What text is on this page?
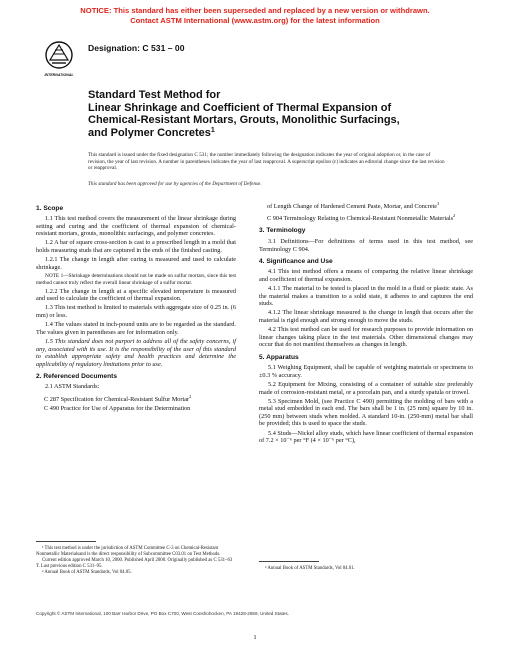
NOTICE: This standard has either been superseded and replaced by a new version or withdrawn.
Contact ASTM International (www.astm.org) for the latest information
INTERNATIONAL
Designation: C 531 – 00
Standard Test Method for
Linear Shrinkage and Coefficient of Thermal Expansion of
Chemical-Resistant Mortars, Grouts, Monolithic Surfacings,
and Polymer Concretes$^1$
This standard is issued under the fixed designation C 531; the number immediately following the designation indicates the year of original adoption or, in the case of revision, the year of last revision. A number in parentheses indicates the year of last reapproval. A superscript epsilon (ε) indicates an editorial change since the last revision or reapproval.
This standard has been approved for use by agencies of the Department of Defense.

1. Scope

1.1 This test method covers the measurement of the linear shrinkage during setting and curing and the coefficient of thermal expansion of chemical-resistant mortars, grouts, monolithic surfacings, and polymer concretes.

1.2 A bar of square cross-section is cast to a prescribed length in a mold that holds measuring studs that are captured in the ends of the finished casting.

1.2.1 The change in length after curing is measured and used to calculate shrinkage.

NOTE 1—Shrinkage determinations should not be made on sulfur mortars, since this test method cannot truly reflect the overall linear shrinkage of a sulfur mortar.

1.2.2 The change in length at a specific elevated temperature is measured and used to calculate the coefficient of thermal expansion.

1.3 This test method is limited to materials with aggregate size of 0.25 in. (6 mm) or less.

1.4 The values stated in inch-pound units are to be regarded as the standard. The values given in parentheses are for information only.

1.5 This standard does not purport to address all of the safety concerns, if any, associated with its use. It is the responsibility of the user of this standard to establish appropriate safety and health practices and determine the applicability of regulatory limitations prior to use.

2. Referenced Documents

2.1 ASTM Standards:

C 287 Specification for Chemical-Resistant Sulfur Mortar$^2$

C 490 Practice for Use of Apparatus for the Determination

of Length Change of Hardened Cement Paste, Mortar, and Concrete$^3$

C 904 Terminology Relating to Chemical-Resistant Nonmetallic Materials$^2$

3. Terminology

3.1 Definitions—For definitions of terms used in this test method, see Terminology C 904.

4. Significance and Use

4.1 This test method offers a means of comparing the relative linear shrinkage and coefficient of thermal expansion.

4.1.1 The material to be tested is placed in the mold in a fluid or plastic state. As the material makes a transition to a solid state, it adheres to and captures the end studs.

4.1.2 The linear shrinkage measured is the change in length that occurs after the material is rigid enough and strong enough to move the studs.

4.2 This test method can be used for research purposes to provide information on linear changes taking place in the test materials. Other dimensional changes may occur that do not manifest themselves as changes in length.

5. Apparatus

5.1 Weighing Equipment, shall be capable of weighing materials or specimens to ±0.3 % accuracy.

5.2 Equipment for Mixing, consisting of a container of suitable size preferably made of corrosion-resistant metal, or a porcelain pan, and a sturdy spatula or trowel.

5.3 Specimen Mold, (see Practice C 490) permitting the molding of bars with a metal stud embedded in each end. The bars shall be 1 in. (25 mm) square by 10 in. (250 mm) between studs when molded. A standard 10-in. (250-mm) metal bar shall be provided; this is used to space the studs.

5.4 Studs—Nickel alloy studs, which have linear coefficient of thermal expansion of 7.2 × 10⁻⁶ per °F (4 × 10⁻⁶ per °C),

¹ This test method is under the jurisdiction of ASTM Committee C-3 on Chemical-Resistant Nonmetallic Materialsand is the direct responsibility of Subcommittee C03.01 on Test Methods.
Current edition approved March 10, 2000. Published April 2000. Originally published as C 531–63 T. Last previous edition C 531–95.
² Annual Book of ASTM Standards, Vol 04.05.
³ Annual Book of ASTM Standards, Vol 04.01.
Copyright © ASTM International, 100 Barr Harbor Drive, PO Box C700, West Conshohocken, PA 19428-2959, United States.
1
